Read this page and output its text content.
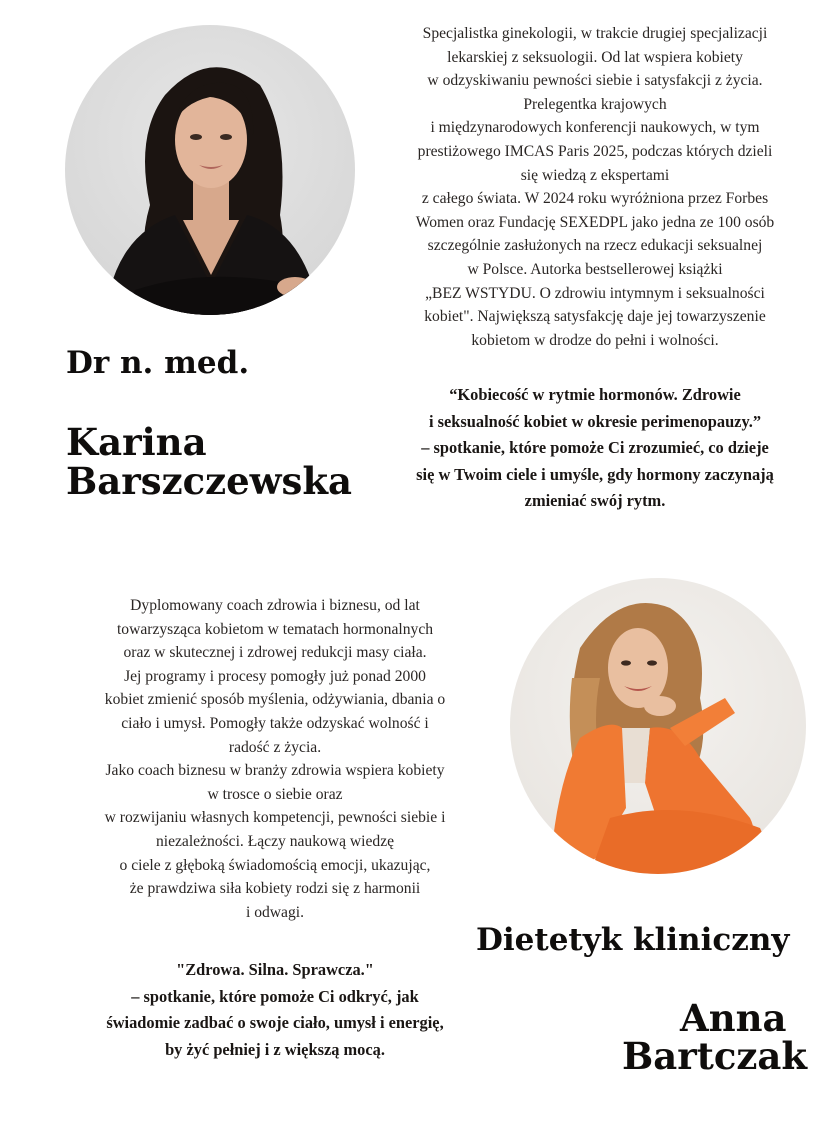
Specjalistka ginekologii, w trakcie drugiej specjalizacji
lekarskiej z seksuologii. Od lat wspiera kobiety
w odzyskiwaniu pewności siebie i satysfakcji z życia.
Prelegentka krajowych
i międzynarodowych konferencji naukowych, w tym
prestiżowego IMCAS Paris 2025, podczas których dzieli
się wiedzą z ekspertami
z całego świata. W 2024 roku wyróżniona przez Forbes
Women oraz Fundację SEXEDPL jako jedna ze 100 osób
szczególnie zasłużonych na rzecz edukacji seksualnej
w Polsce. Autorka bestsellerowej książki
„BEZ WSTYDU. O zdrowiu intymnym i seksualności
kobiet". Największą satysfakcję daje jej towarzyszenie
kobietom w drodze do pełni i wolności.
“Kobiecość w rytmie hormonów. Zdrowie
i seksualność kobiet w okresie perimenopauzy.”
– spotkanie, które pomoże Ci zrozumieć, co dzieje
się w Twoim ciele i umyśle, gdy hormony zaczynają
zmieniać swój rytm.
Dr n. med.
Karina
Barszczewska
Dyplomowany coach zdrowia i biznesu, od lat
towarzysząca kobietom w tematach hormonalnych
oraz w skutecznej i zdrowej redukcji masy ciała.
Jej programy i procesy pomogły już ponad 2000
kobiet zmienić sposób myślenia, odżywiania, dbania o
ciało i umysł. Pomogły także odzyskać wolność i
radość z życia.
Jako coach biznesu w branży zdrowia wspiera kobiety
w trosce o siebie oraz
w rozwijaniu własnych kompetencji, pewności siebie i
niezależności. Łączy naukową wiedzę
o ciele z głęboką świadomością emocji, ukazując,
że prawdziwa siła kobiety rodzi się z harmonii
i odwagi.
"Zdrowa. Silna. Sprawcza."
– spotkanie, które pomoże Ci odkryć, jak
świadomie zadbać o swoje ciało, umysł i energię,
by żyć pełniej i z większą mocą.
Dietetyk kliniczny
Anna
Bartczak
